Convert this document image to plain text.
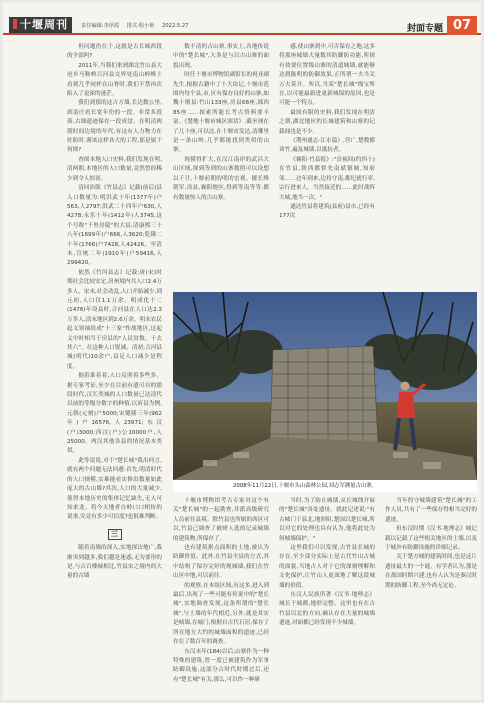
十堰周刊	责任编辑:李泽霞 排式:程小艳 2022.5.27	封面专题 07

但问题仍在于,这就是古长城西段的全部吗?

2011年,当我们来到湖北竹山县大沧乡马鞍岭百河县交界处南山岭峰上看到几乎同样在山脊时,我们不禁再次陷入了更深的迷茫。

我们到那的这古方墙,长达数公里,到南庄看长宽年份的一段。非常多段落,古墙遗迹保存一段成盘。在明清两朝时间边境的年代,有这有人力物力在驻防时,谨该这样各大的工程,那是属于何规?

查阅本地人口史料,我们发现在明,清两朝,本地区的人口数量,竟然曾经稀少到令人惊讶。

清同治版《竹县志》记载(前后)县人口数量为:明洪武十年(1377年)户563,人2797;洪武二十四年户630,人4278;永乐十年(1412年)人3745,这个号称"千里房陵"的大县,清康熙三十八年(1699年)户666,人3620;乾隆二十年(1766)户7428,人42426。至清末,宣统二年(1910年)户59416,人299420。

依然《竹河县志》记载:唐(宋)时期社会比较安定,房州境内共人口2.4万多人。宋末,社会动乱,人口开始减少,到元初,人口仅1.1万余。明成化十二(1476)年设县时,合河县在人口达2.3万多人,清末地区到2.6万余。明末农民起义领袖组成"十三家"作战地区,这起义中时相当于房县的"人民贫数、十去其六"。在这种人口锐减、清初,合河县城(明代)10余户,县足人口减少是程度。

据着谁着着,人口反照着多些多。据专家考证,至少在目前有遗可自的那段时代,汉长类城的人口数量已达清代以前的等级分数字的种情,以府县为例,元朝(元刻)户5000;宋键隆三年(962年)户16576,人23971;东汉(户)3000;西汉(户)公10000户,人25000。两汉其他各县的情况基本类似。

此等说说,对于"楚长城"我出何言,就有两个问题无法回避:首先,明清时代的人口规模,实难能看实修出数量如此庞大的古山墙?其次,人口的大量减少,使得本地历史的集体记忆缺失,无人可知来龙。将今天地者自岭口口相传的说事,究竟有多少可信度?也很难判断。

三

随着南墙的深入,实地探访地广,我渐突到越多,我们越是迷惑,无为要形的是,与古百楼城相比,竹县宋之境内的大量的古墙

数不清的古山寨,事实上,各地传说中的"楚长城",大多是与以古山寨的面貌出现。

时任十堰市博物馆副馆长的祝亚副先生,根据古籍中了十大块记,十堰市范围内每个县,市,区有保存良好的山寨,如魏十堰县:竹山133座,房县68座,郧西85座……探索所能长考古资料要丰富。《楚地十堰市城区图话》,截至现在了几十座,可以这,在十堰市发达,清哪里是一条山岭,几乎都能找到类似的山寨。

现摸得扩大,在汉江南岸的武昌大山区域,探到等到的山寨数照可以设想以千计,十堰前朝的明的宏观。摧长烽朝军,设县,襄阳地区,得到等南等等,都有数量惊人的古山寨。

感,使山寨到中,可否保存之地,这多将那座城墙大量数其防御防功能,所探有效要位置级山寨的清道城墙,就能够达到陈明的防御效果,正所谓一夫当关万夫莫开。所以,当某"楚长城"线宝所在,以可能最新进更新城保的原因,也是可能一个特点。

最间有限的史料,我们发现在明清之朝,湖北地区的长城建筑和山寨的记载闻也是不少。

《荆州通志·江水篇》,营广,楚数都谈竹,遍及城墙,以抵抗者。

《襄阳·竹县报》:"崇祯间(约四十)在竹县,陕西都督先南斌镇城,知府邹……边年到来,边将守南,都纪就行率,宗行进来人。当然接近的……此时战阵大城,地当一次。"

通达竹县将建筑(县府)县市,已经有177次

2008年11月22日,十堰市头山森林公园,刘志军测量古山寨。

十堰市博物馆考古专家对这个有关"楚长城"的一起勘查,并派高级研究人员前往县境。除竹县也所属的西区可以,竹县已调查了被研人选的记录城墙的建筑物,所保存了。

也有建筑据点面积的土地,被认为防御价值。此外,在竹县全县的方式,其中结构了保存完好的现城墙,我们在竹山区中地,可以前往。

的观察,在本组区域,有这多,进入到最后,出现了一些可能有传说中的"楚长城",实地调查发现,这条所谓的"楚长城",与土墙的年代相近,另外,就是其实是城墙,在城门,根据自古代石居,保存了所在地方大约的城墙面积的遗迹,已经存在了数百年的调查。

东汉末年(184)以后,山寨作为一种特殊的建筑,曾一度已被建筑作为军事防御设施,这部分古时代时期过后,还有"楚长城"有关,那么,可以作一种研

当时,为了防止城墙,从长城线开展的"楚长城"各处遗址。就此记述说:"有古城门于县北,地形阻,楚国以楚长城,所以对它的处理也具有认为,他将此处为何城墙保护。"

这里我们可以发现,古竹县长城的存在,至少部分实际上是古代竹山古城的面貌,当地古人对于它的深刻理解和文化保护,让竹山人更深地了解这段城墙的价值。

东汉人民族所著《汉书·地理志》城长于城都,地形完整。这里也有在古竹县以北的方向,确认存在大量的城墙遗迹,对面都已经发现不少城墙。

当年的守城墙建筑"楚长城"的工作人员,共有了一些保存得相当完好的遗迹。

但东汉时期《汉书·地理志》城记载以记载了这些相关地区的土墙,以及于城外有防御设施的详细记录。

关于楚方城的建筑时间,也是这片遗址最大的一个谜。有学者认为,那是在战国时期兴建,也有人认为是秦汉时期的防御工程,至今尚无定论。
